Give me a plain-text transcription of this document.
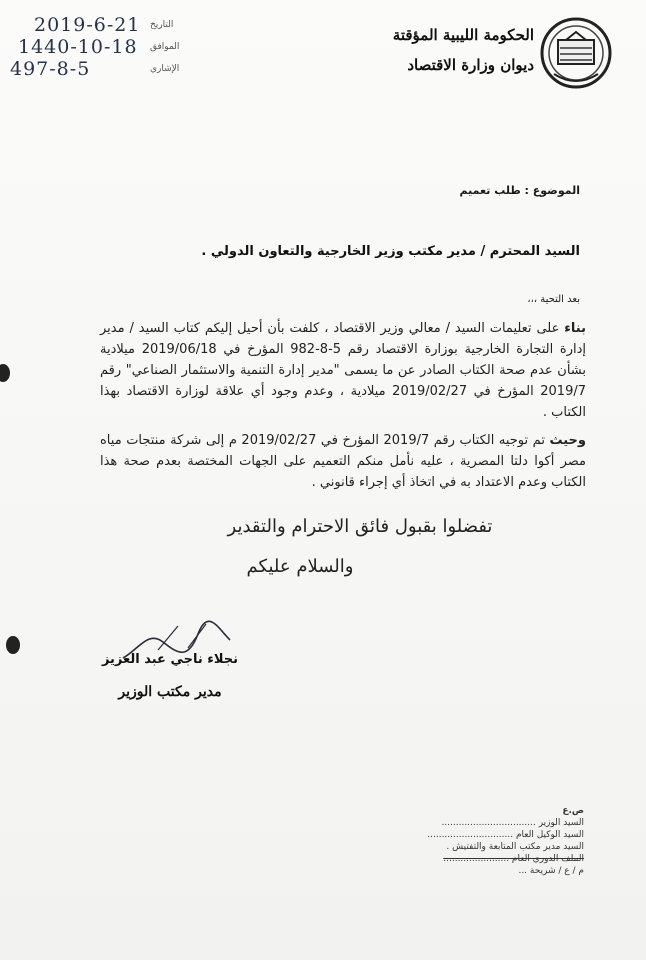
2019-6-21
1440-10-18
497-8-5
التاريخ
الموافق
الإشاري
الحكومة الليبية المؤقتة
ديوان وزارة الاقتصاد
الموضوع : طلب تعميم
السيد المحترم / مدير مكتب وزير الخارجية والتعاون الدولي .
بعد التحية ،،،
بناء على تعليمات السيد / معالي وزير الاقتصاد ، كلفت بأن أحيل إليكم كتاب السيد / مدير إدارة التجارة الخارجية بوزارة الاقتصاد رقم 5-8-982 المؤرخ في 2019/06/18 ميلادية بشأن عدم صحة الكتاب الصادر عن ما يسمى "مدير إدارة التنمية والاستثمار الصناعي" رقم 2019/7 المؤرخ في 2019/02/27 ميلادية ، وعدم وجود أي علاقة لوزارة الاقتصاد بهذا الكتاب .
وحيث تم توجيه الكتاب رقم 2019/7 المؤرخ في 2019/02/27 م إلى شركة منتجات مياه مصر أكوا دلتا المصرية ، عليه نأمل منكم التعميم على الجهات المختصة بعدم صحة هذا الكتاب وعدم الاعتداد به في اتخاذ أي إجراء قانوني .
تفضلوا بقبول فائق الاحترام والتقدير
والسلام عليكم
نجلاء ناجي عبد العزيز
مدير مكتب الوزير
ص.ع
السيد الوزير .................................
السيد الوكيل العام ..............................
السيد مدير مكتب المتابعة والتفتيش .
الملف الدوري العام .......................
م / ع / شريحة ...
